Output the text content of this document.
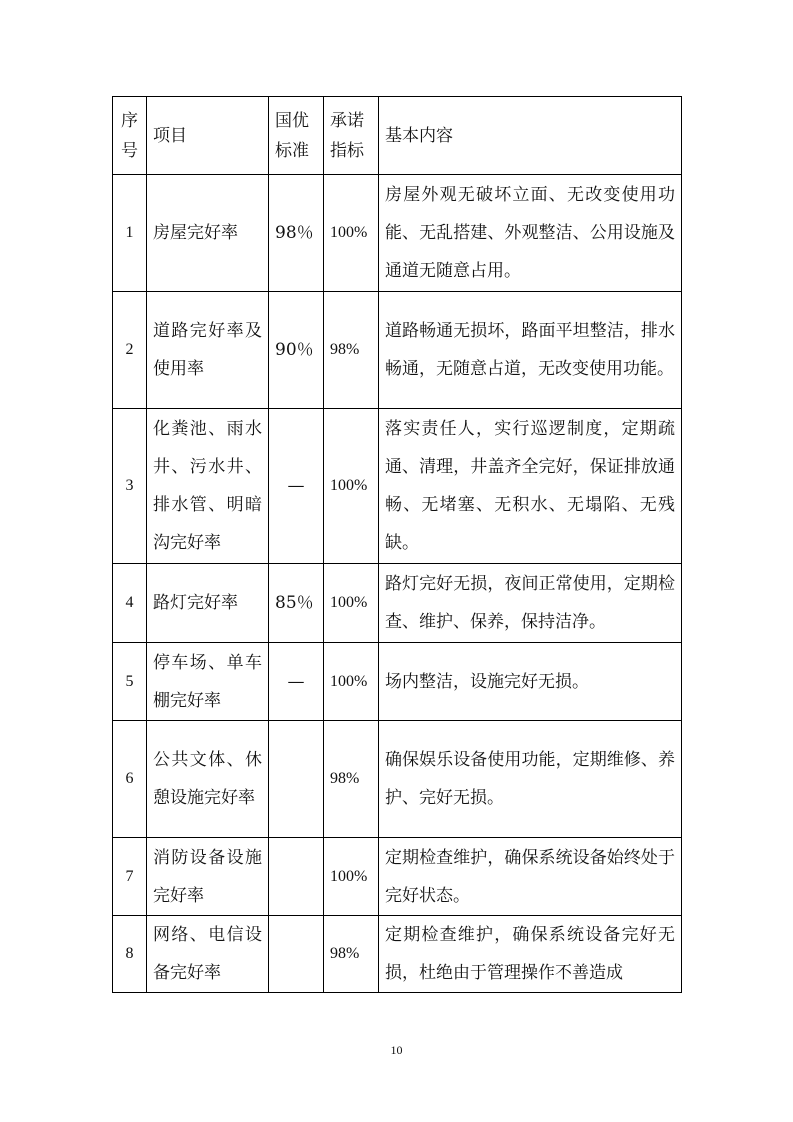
序号	项目	国优标准	承诺指标	基本内容
1	房屋完好率	98％	100%	房屋外观无破坏立面、无改变使用功能、无乱搭建、外观整洁、公用设施及通道无随意占用。
2	道路完好率及使用率	90％	98%	道路畅通无损坏，路面平坦整洁，排水畅通，无随意占道，无改变使用功能。
3	化粪池、雨水井、污水井、排水管、明暗沟完好率	—	100%	落实责任人，实行巡逻制度，定期疏通、清理，井盖齐全完好，保证排放通畅、无堵塞、无积水、无塌陷、无残缺。
4	路灯完好率	85％	100%	路灯完好无损，夜间正常使用，定期检查、维护、保养，保持洁净。
5	停车场、单车棚完好率	—	100%	场内整洁，设施完好无损。
6	公共文体、休憩设施完好率		98%	确保娱乐设备使用功能，定期维修、养护、完好无损。
7	消防设备设施完好率		100%	定期检查维护，确保系统设备始终处于完好状态。
8	网络、电信设备完好率		98%	定期检查维护，确保系统设备完好无损，杜绝由于管理操作不善造成
10
